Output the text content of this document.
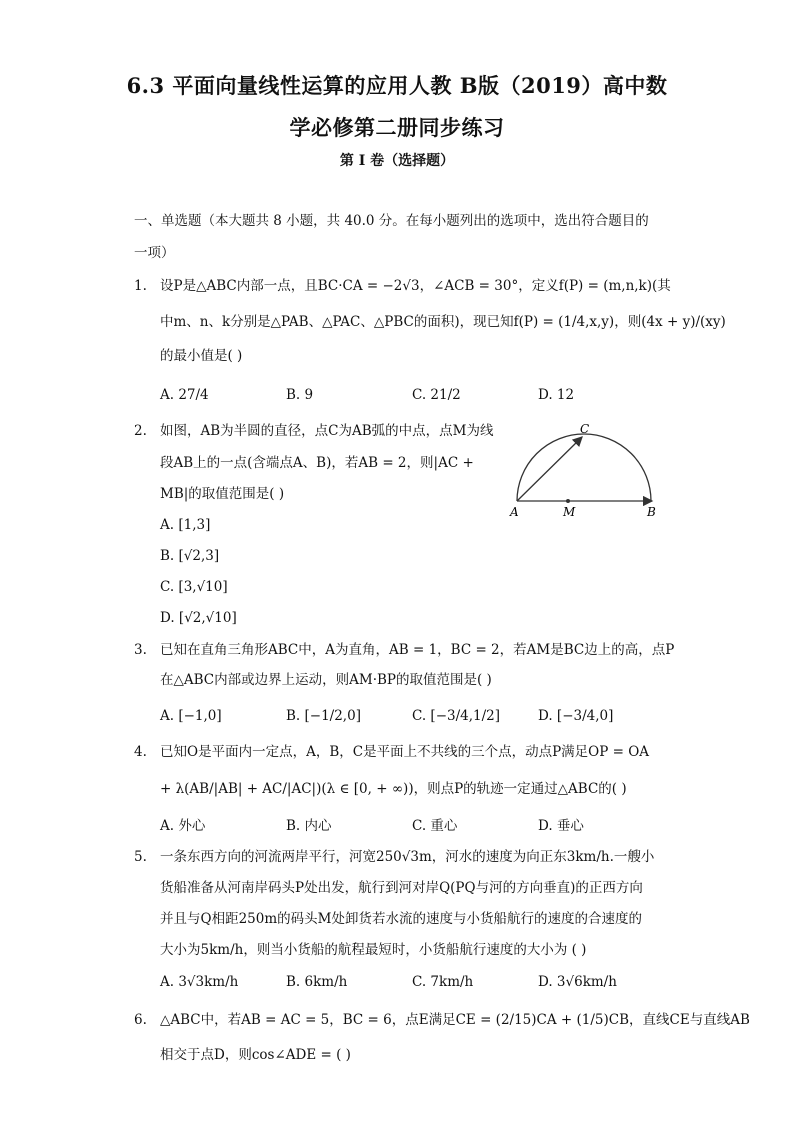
6.3 平面向量线性运算的应用人教 B版（2019）高中数
学必修第二册同步练习
第 I 卷（选择题）
一、单选题（本大题共 8 小题，共 40.0 分。在每小题列出的选项中，选出符合题目的
一项）
1. 设P是△ABC内部一点，且BC·CA = −2√3，∠ACB = 30°，定义f(P) = (m,n,k)(其
中m、n、k分别是△PAB、△PAC、△PBC的面积)，现已知f(P) = (1/4,x,y)，则(4x + y)/(xy)
的最小值是( )
A. 27/4	B. 9	C. 21/2	D. 12
2. 如图，AB为半圆的直径，点C为AB弧的中点，点M为线
段AB上的一点(含端点A、B)，若AB = 2，则|AC +
MB|的取值范围是( )
A. [1,3]
B. [√2,3]
C. [3,√10]
D. [√2,√10]
C
A	M	B
3. 已知在直角三角形ABC中，A为直角，AB = 1，BC = 2，若AM是BC边上的高，点P
在△ABC内部或边界上运动，则AM·BP的取值范围是( )
A. [−1,0]	B. [−1/2,0]	C. [−3/4,1/2]	D. [−3/4,0]
4. 已知O是平面内一定点，A，B，C是平面上不共线的三个点，动点P满足OP = OA
+ λ(AB/|AB| + AC/|AC|)(λ ∈ [0, + ∞))，则点P的轨迹一定通过△ABC的( )
A. 外心	B. 内心	C. 重心	D. 垂心
5. 一条东西方向的河流两岸平行，河宽250√3m，河水的速度为向正东3km/h.一艘小
货船准备从河南岸码头P处出发，航行到河对岸Q(PQ与河的方向垂直)的正西方向
并且与Q相距250m的码头M处卸货若水流的速度与小货船航行的速度的合速度的
大小为5km/h，则当小货船的航程最短时，小货船航行速度的大小为 ( )
A. 3√3km/h	B. 6km/h	C. 7km/h	D. 3√6km/h
6. △ABC中，若AB = AC = 5，BC = 6，点E满足CE = (2/15)CA + (1/5)CB，直线CE与直线AB
相交于点D，则cos∠ADE = ( )
